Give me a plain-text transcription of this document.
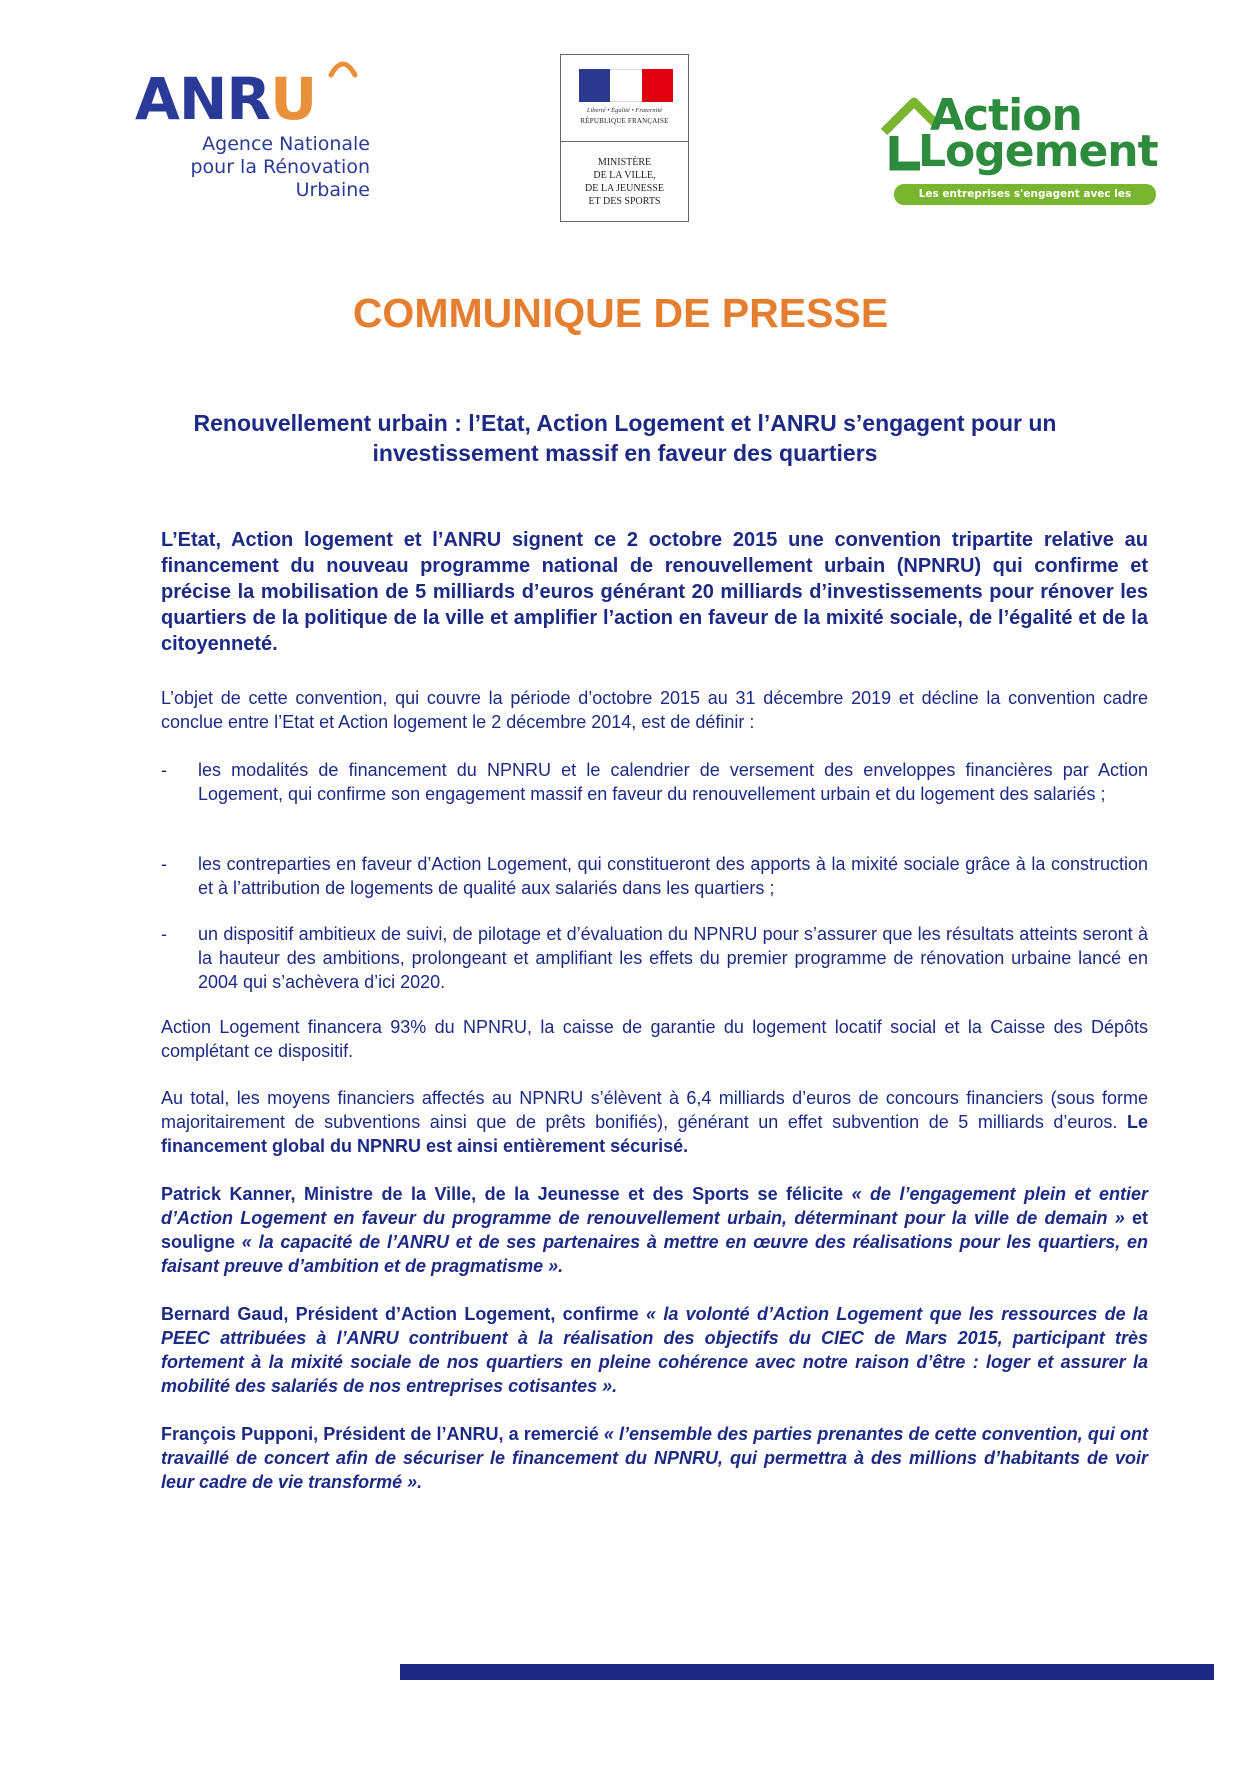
ANRU
Agence Nationale
pour la Rénovation
Urbaine
Liberté • Égalité • Fraternité
RÉPUBLIQUE FRANÇAISE
MINISTÈRE
DE LA VILLE,
DE LA JEUNESSE
ET DES SPORTS
Action
Logement
Les entreprises s'engagent avec les salariés
COMMUNIQUE DE PRESSE
Renouvellement urbain : l’Etat, Action Logement et l’ANRU s’engagent pour un investissement massif en faveur des quartiers
L’Etat, Action logement et l’ANRU signent ce 2 octobre 2015 une convention tripartite relative au financement du nouveau programme national de renouvellement urbain (NPNRU) qui confirme et précise la mobilisation de 5 milliards d’euros générant 20 milliards d’investissements pour rénover les quartiers de la politique de la ville et amplifier l’action en faveur de la mixité sociale, de l’égalité et de la citoyenneté.
L’objet de cette convention, qui couvre la période d’octobre 2015 au 31 décembre 2019 et décline la convention cadre conclue entre l’Etat et Action logement le 2 décembre 2014, est de définir :
- les modalités de financement du NPNRU et le calendrier de versement des enveloppes financières par Action Logement, qui confirme son engagement massif en faveur du renouvellement urbain et du logement des salariés ;
- les contreparties en faveur d’Action Logement, qui constitueront des apports à la mixité sociale grâce à la construction et à l’attribution de logements de qualité aux salariés dans les quartiers ;
- un dispositif ambitieux de suivi, de pilotage et d’évaluation du NPNRU pour s’assurer que les résultats atteints seront à la hauteur des ambitions, prolongeant et amplifiant les effets du premier programme de rénovation urbaine lancé en 2004 qui s’achèvera d’ici 2020.
Action Logement financera 93% du NPNRU, la caisse de garantie du logement locatif social et la Caisse des Dépôts complétant ce dispositif.
Au total, les moyens financiers affectés au NPNRU s’élèvent à 6,4 milliards d’euros de concours financiers (sous forme majoritairement de subventions ainsi que de prêts bonifiés), générant un effet subvention de 5 milliards d’euros. Le financement global du NPNRU est ainsi entièrement sécurisé.
Patrick Kanner, Ministre de la Ville, de la Jeunesse et des Sports se félicite « de l’engagement plein et entier d’Action Logement en faveur du programme de renouvellement urbain, déterminant pour la ville de demain » et souligne « la capacité de l’ANRU et de ses partenaires à mettre en œuvre des réalisations pour les quartiers, en faisant preuve d’ambition et de pragmatisme ».
Bernard Gaud, Président d’Action Logement, confirme « la volonté d’Action Logement que les ressources de la PEEC attribuées à l’ANRU contribuent à la réalisation des objectifs du CIEC de Mars 2015, participant très fortement à la mixité sociale de nos quartiers en pleine cohérence avec notre raison d’être : loger et assurer la mobilité des salariés de nos entreprises cotisantes ».
François Pupponi, Président de l’ANRU, a remercié « l’ensemble des parties prenantes de cette convention, qui ont travaillé de concert afin de sécuriser le financement du NPNRU, qui permettra à des millions d’habitants de voir leur cadre de vie transformé ».
